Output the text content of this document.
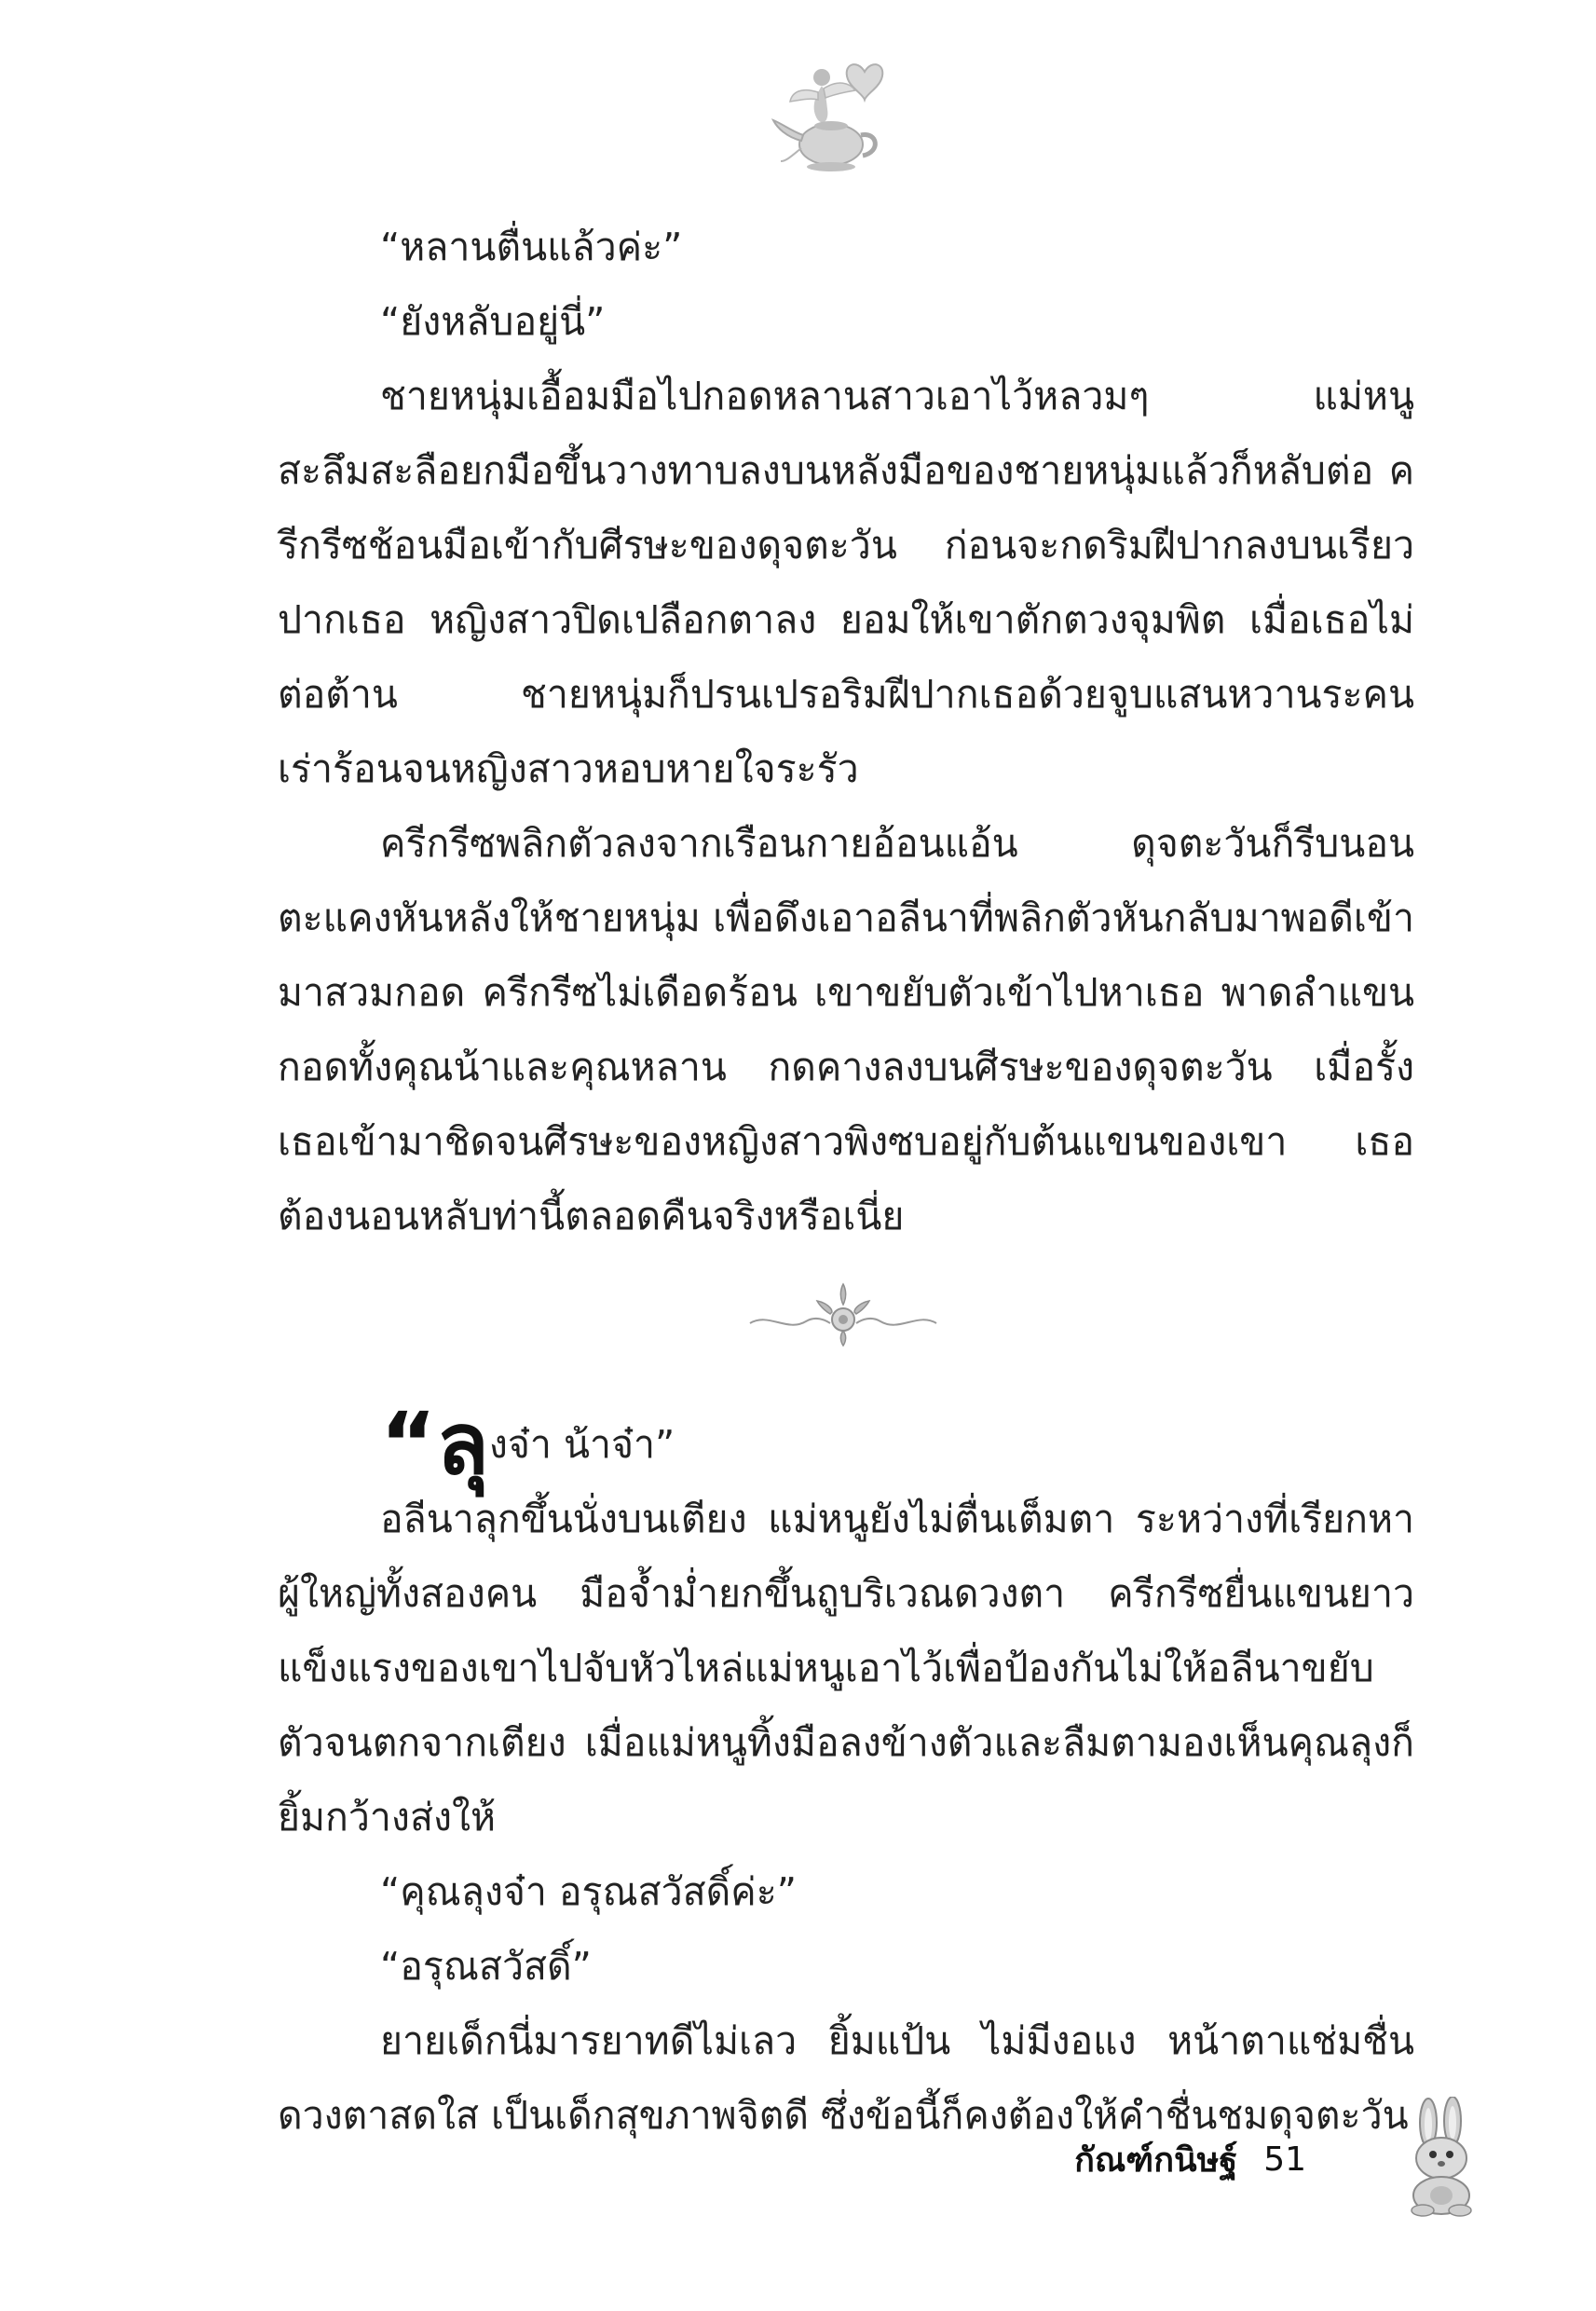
“หลานตื่นแล้วค่ะ”

“ยังหลับอยู่นี่”

ชายหนุ่มเอื้อมมือไปกอดหลานสาวเอาไว้หลวมๆ แม่หนูสะลึมสะลือยกมือขึ้นวางทาบลงบนหลังมือของชายหนุ่มแล้วก็หลับต่อ ครีกรีซช้อนมือเข้ากับศีรษะของดุจตะวัน ก่อนจะกดริมฝีปากลงบนเรียวปากเธอ หญิงสาวปิดเปลือกตาลง ยอมให้เขาตักตวงจุมพิต เมื่อเธอไม่ต่อต้าน ชายหนุ่มก็ปรนเปรอริมฝีปากเธอด้วยจูบแสนหวานระคนเร่าร้อนจนหญิงสาวหอบหายใจระรัว

ครีกรีซพลิกตัวลงจากเรือนกายอ้อนแอ้น ดุจตะวันก็รีบนอนตะแคงหันหลังให้ชายหนุ่ม เพื่อดึงเอาอลีนาที่พลิกตัวหันกลับมาพอดีเข้ามาสวมกอด ครีกรีซไม่เดือดร้อน เขาขยับตัวเข้าไปหาเธอ พาดลำแขนกอดทั้งคุณน้าและคุณหลาน กดคางลงบนศีรษะของดุจตะวัน เมื่อรั้งเธอเข้ามาชิดจนศีรษะของหญิงสาวพิงซบอยู่กับต้นแขนของเขา เธอต้องนอนหลับท่านี้ตลอดคืนจริงหรือเนี่ย

“ลุงจ๋า น้าจ๋า”

อลีนาลุกขึ้นนั่งบนเตียง แม่หนูยังไม่ตื่นเต็มตา ระหว่างที่เรียกหาผู้ใหญ่ทั้งสองคน มือจ้ำม่ำยกขึ้นถูบริเวณดวงตา ครีกรีซยื่นแขนยาวแข็งแรงของเขาไปจับหัวไหล่แม่หนูเอาไว้เพื่อป้องกันไม่ให้อลีนาขยับตัวจนตกจากเตียง เมื่อแม่หนูทิ้งมือลงข้างตัวและลืมตามองเห็นคุณลุงก็ยิ้มกว้างส่งให้

“คุณลุงจ๋า อรุณสวัสดิ์ค่ะ”

“อรุณสวัสดิ์”

ยายเด็กนี่มารยาทดีไม่เลว ยิ้มแป้น ไม่มีงอแง หน้าตาแช่มชื่น ดวงตาสดใส เป็นเด็กสุขภาพจิตดี ซึ่งข้อนี้ก็คงต้องให้คำชื่นชมดุจตะวัน

กัณฑ์กนิษฐ์ 51
